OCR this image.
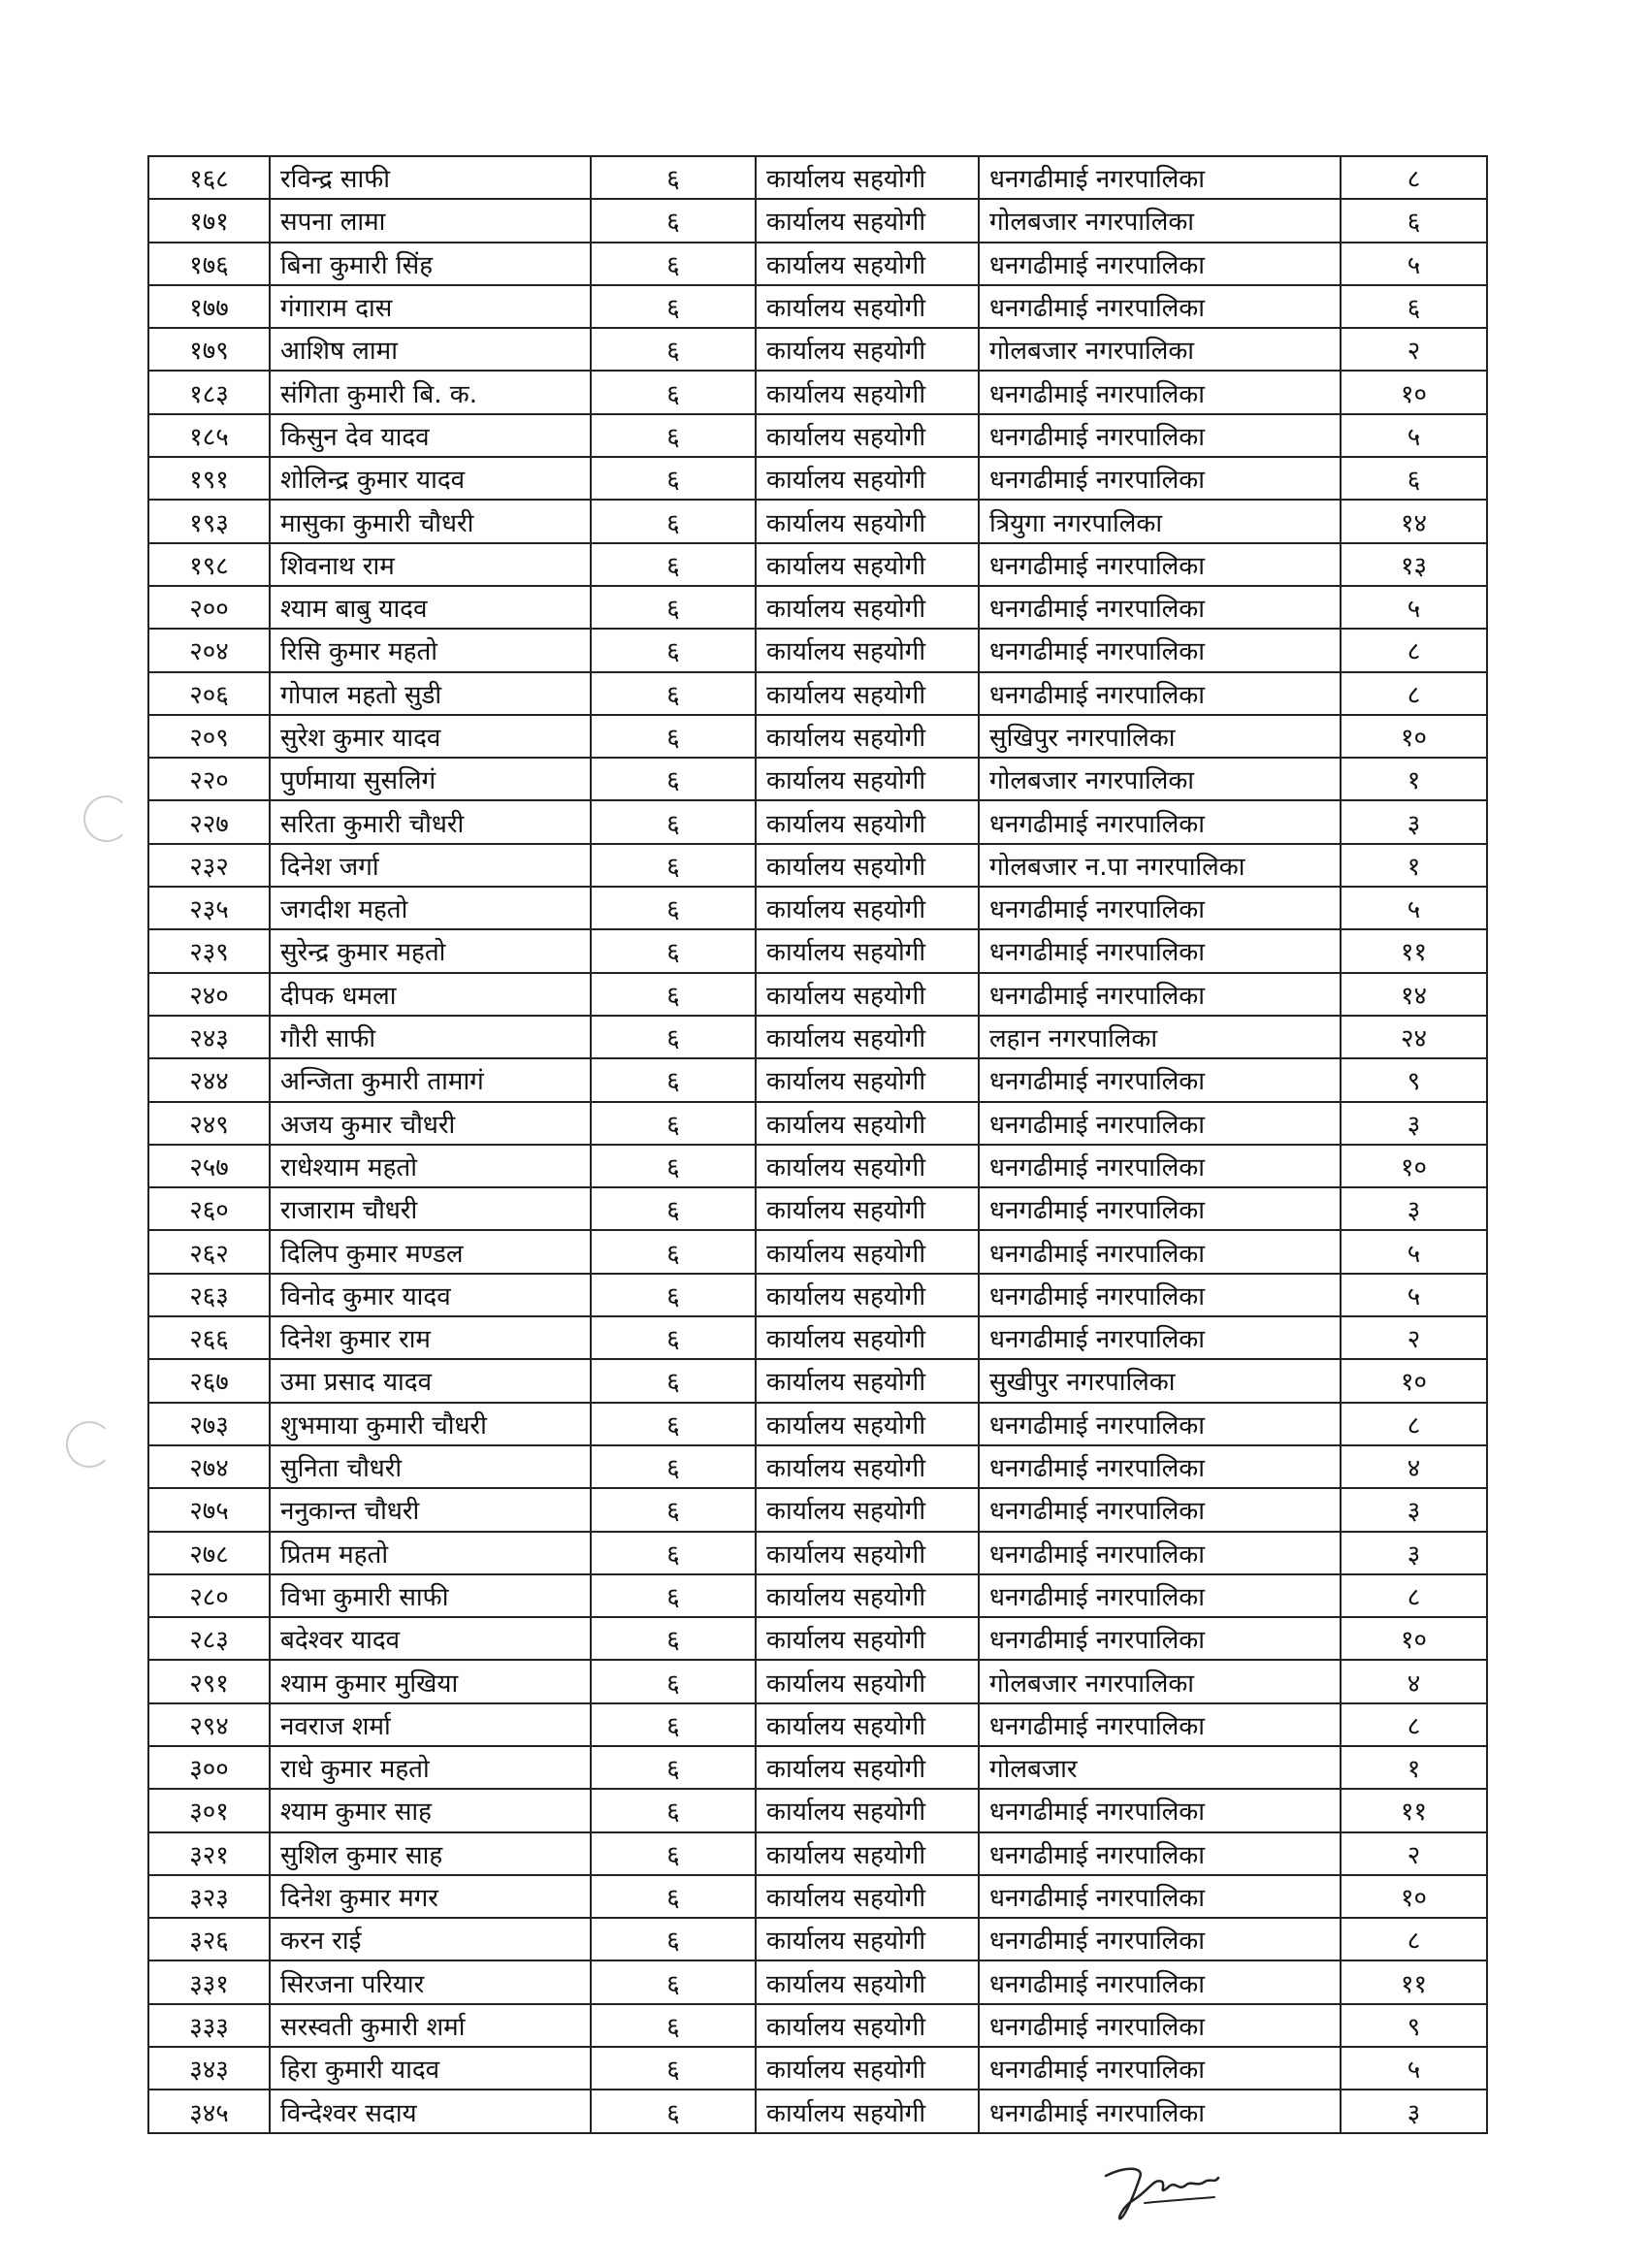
१६८	रविन्द्र साफी	६	कार्यालय सहयोगी	धनगढीमाई नगरपालिका	८
१७१	सपना लामा	६	कार्यालय सहयोगी	गोलबजार नगरपालिका	६
१७६	बिना कुमारी सिंह	६	कार्यालय सहयोगी	धनगढीमाई नगरपालिका	५
१७७	गंगाराम दास	६	कार्यालय सहयोगी	धनगढीमाई नगरपालिका	६
१७९	आशिष लामा	६	कार्यालय सहयोगी	गोलबजार नगरपालिका	२
१८३	संगिता कुमारी बि. क.	६	कार्यालय सहयोगी	धनगढीमाई नगरपालिका	१०
१८५	किसुन देव यादव	६	कार्यालय सहयोगी	धनगढीमाई नगरपालिका	५
१९१	शोलिन्द्र कुमार यादव	६	कार्यालय सहयोगी	धनगढीमाई नगरपालिका	६
१९३	मासुका कुमारी चौधरी	६	कार्यालय सहयोगी	त्रियुगा नगरपालिका	१४
१९८	शिवनाथ राम	६	कार्यालय सहयोगी	धनगढीमाई नगरपालिका	१३
२००	श्याम बाबु यादव	६	कार्यालय सहयोगी	धनगढीमाई नगरपालिका	५
२०४	रिसि कुमार महतो	६	कार्यालय सहयोगी	धनगढीमाई नगरपालिका	८
२०६	गोपाल महतो सुडी	६	कार्यालय सहयोगी	धनगढीमाई नगरपालिका	८
२०९	सुरेश कुमार यादव	६	कार्यालय सहयोगी	सुखिपुर नगरपालिका	१०
२२०	पुर्णमाया सुसलिगं	६	कार्यालय सहयोगी	गोलबजार नगरपालिका	१
२२७	सरिता कुमारी चौधरी	६	कार्यालय सहयोगी	धनगढीमाई नगरपालिका	३
२३२	दिनेश जर्गा	६	कार्यालय सहयोगी	गोलबजार न.पा नगरपालिका	१
२३५	जगदीश महतो	६	कार्यालय सहयोगी	धनगढीमाई नगरपालिका	५
२३९	सुरेन्द्र कुमार महतो	६	कार्यालय सहयोगी	धनगढीमाई नगरपालिका	११
२४०	दीपक धमला	६	कार्यालय सहयोगी	धनगढीमाई नगरपालिका	१४
२४३	गौरी साफी	६	कार्यालय सहयोगी	लहान नगरपालिका	२४
२४४	अन्जिता कुमारी तामागं	६	कार्यालय सहयोगी	धनगढीमाई नगरपालिका	९
२४९	अजय कुमार चौधरी	६	कार्यालय सहयोगी	धनगढीमाई नगरपालिका	३
२५७	राधेश्याम महतो	६	कार्यालय सहयोगी	धनगढीमाई नगरपालिका	१०
२६०	राजाराम चौधरी	६	कार्यालय सहयोगी	धनगढीमाई नगरपालिका	३
२६२	दिलिप कुमार मण्डल	६	कार्यालय सहयोगी	धनगढीमाई नगरपालिका	५
२६३	विनोद कुमार यादव	६	कार्यालय सहयोगी	धनगढीमाई नगरपालिका	५
२६६	दिनेश कुमार राम	६	कार्यालय सहयोगी	धनगढीमाई नगरपालिका	२
२६७	उमा प्रसाद यादव	६	कार्यालय सहयोगी	सुखीपुर नगरपालिका	१०
२७३	शुभमाया कुमारी चौधरी	६	कार्यालय सहयोगी	धनगढीमाई नगरपालिका	८
२७४	सुनिता चौधरी	६	कार्यालय सहयोगी	धनगढीमाई नगरपालिका	४
२७५	ननुकान्त चौधरी	६	कार्यालय सहयोगी	धनगढीमाई नगरपालिका	३
२७८	प्रितम महतो	६	कार्यालय सहयोगी	धनगढीमाई नगरपालिका	३
२८०	विभा कुमारी साफी	६	कार्यालय सहयोगी	धनगढीमाई नगरपालिका	८
२८३	बदेश्वर यादव	६	कार्यालय सहयोगी	धनगढीमाई नगरपालिका	१०
२९१	श्याम कुमार मुखिया	६	कार्यालय सहयोगी	गोलबजार नगरपालिका	४
२९४	नवराज शर्मा	६	कार्यालय सहयोगी	धनगढीमाई नगरपालिका	८
३००	राधे कुमार महतो	६	कार्यालय सहयोगी	गोलबजार	१
३०१	श्याम कुमार साह	६	कार्यालय सहयोगी	धनगढीमाई नगरपालिका	११
३२१	सुशिल कुमार साह	६	कार्यालय सहयोगी	धनगढीमाई नगरपालिका	२
३२३	दिनेश कुमार मगर	६	कार्यालय सहयोगी	धनगढीमाई नगरपालिका	१०
३२६	करन राई	६	कार्यालय सहयोगी	धनगढीमाई नगरपालिका	८
३३१	सिरजना परियार	६	कार्यालय सहयोगी	धनगढीमाई नगरपालिका	११
३३३	सरस्वती कुमारी शर्मा	६	कार्यालय सहयोगी	धनगढीमाई नगरपालिका	९
३४३	हिरा कुमारी यादव	६	कार्यालय सहयोगी	धनगढीमाई नगरपालिका	५
३४५	विन्देश्वर सदाय	६	कार्यालय सहयोगी	धनगढीमाई नगरपालिका	३
